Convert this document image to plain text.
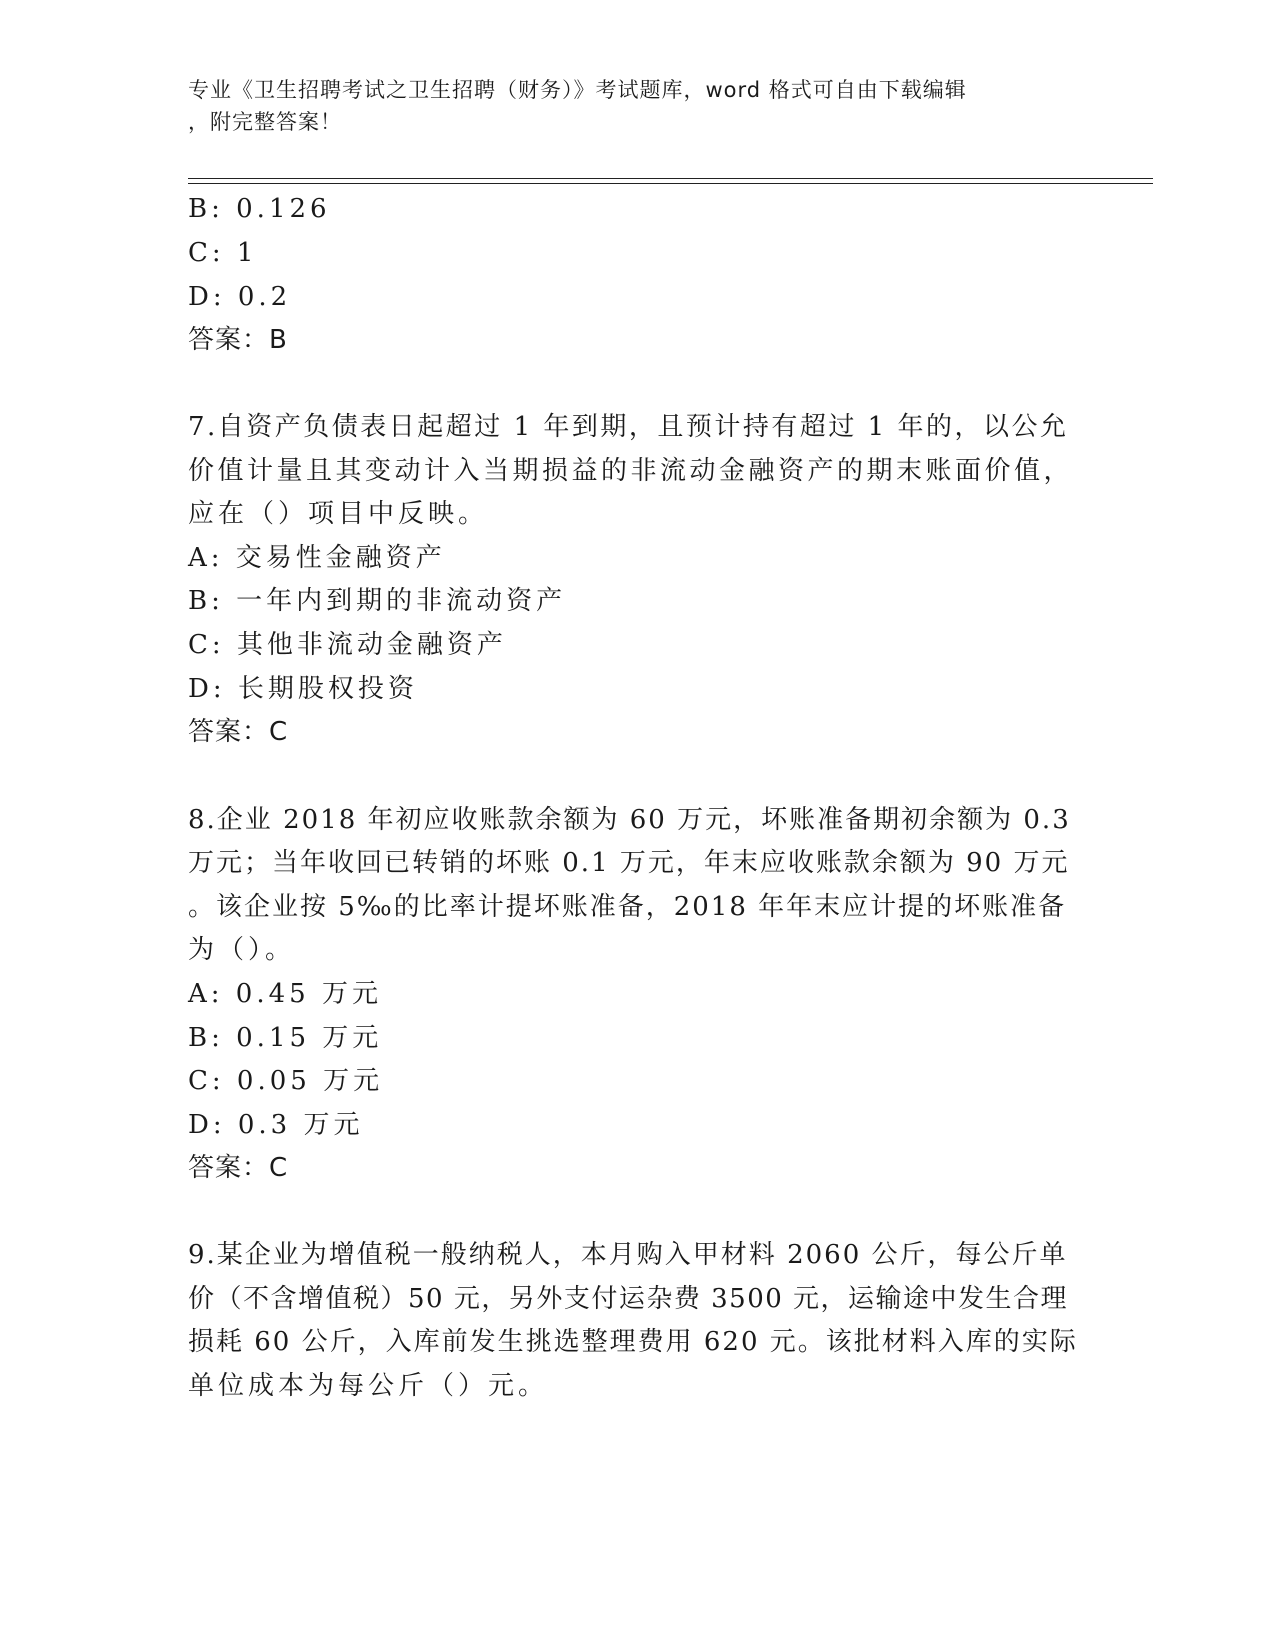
专业《卫生招聘考试之卫生招聘（财务）》考试题库，word 格式可自由下载编辑
，附完整答案！
B: 0.126
C: 1
D: 0.2
答案：B
7.自资产负债表日起超过 1 年到期，且预计持有超过 1 年的，以公允
价值计量且其变动计入当期损益的非流动金融资产的期末账面价值，
应在（）项目中反映。
A: 交易性金融资产
B: 一年内到期的非流动资产
C: 其他非流动金融资产
D: 长期股权投资
答案：C
8.企业 2018 年初应收账款余额为 60 万元，坏账准备期初余额为 0.3
万元；当年收回已转销的坏账 0.1 万元，年末应收账款余额为 90 万元
。该企业按 5‰的比率计提坏账准备，2018 年年末应计提的坏账准备
为（）。
A: 0.45 万元
B: 0.15 万元
C: 0.05 万元
D: 0.3 万元
答案：C
9.某企业为增值税一般纳税人，本月购入甲材料 2060 公斤，每公斤单
价（不含增值税）50 元，另外支付运杂费 3500 元，运输途中发生合理
损耗 60 公斤，入库前发生挑选整理费用 620 元。该批材料入库的实际
单位成本为每公斤（）元。
